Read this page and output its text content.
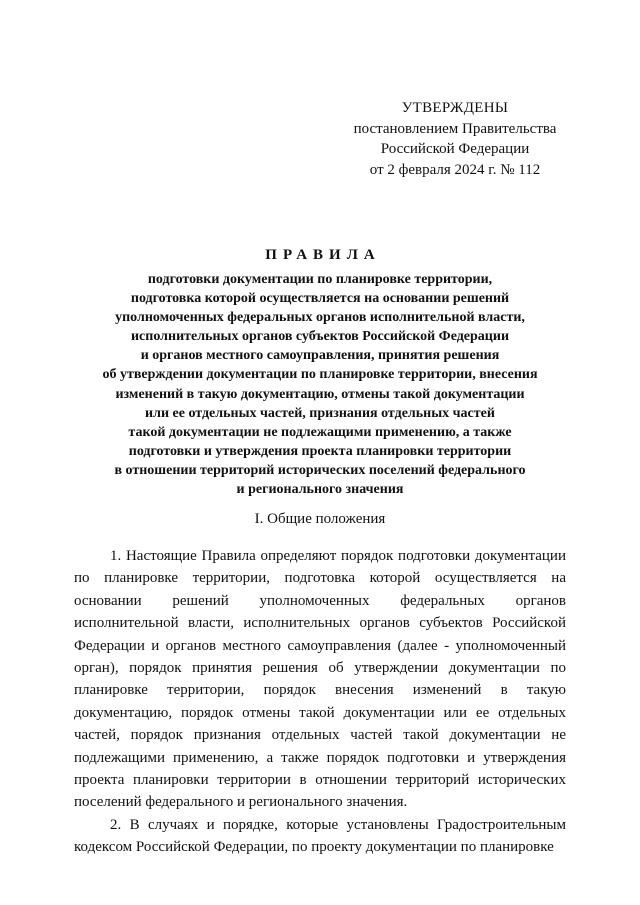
УТВЕРЖДЕНЫ
постановлением Правительства
Российской Федерации
от 2 февраля 2024 г. № 112
ПРАВИЛА
подготовки документации по планировке территории,
подготовка которой осуществляется на основании решений
уполномоченных федеральных органов исполнительной власти,
исполнительных органов субъектов Российской Федерации
и органов местного самоуправления, принятия решения
об утверждении документации по планировке территории, внесения
изменений в такую документацию, отмены такой документации
или ее отдельных частей, признания отдельных частей
такой документации не подлежащими применению, а также
подготовки и утверждения проекта планировки территории
в отношении территорий исторических поселений федерального
и регионального значения
I. Общие положения

1. Настоящие Правила определяют порядок подготовки документации по планировке территории, подготовка которой осуществляется на основании решений уполномоченных федеральных органов исполнительной власти, исполнительных органов субъектов Российской Федерации и органов местного самоуправления (далее - уполномоченный орган), порядок принятия решения об утверждении документации по планировке территории, порядок внесения изменений в такую документацию, порядок отмены такой документации или ее отдельных частей, порядок признания отдельных частей такой документации не подлежащими применению, а также порядок подготовки и утверждения проекта планировки территории в отношении территорий исторических поселений федерального и регионального значения.

2. В случаях и порядке, которые установлены Градостроительным кодексом Российской Федерации, по проекту документации по планировке
